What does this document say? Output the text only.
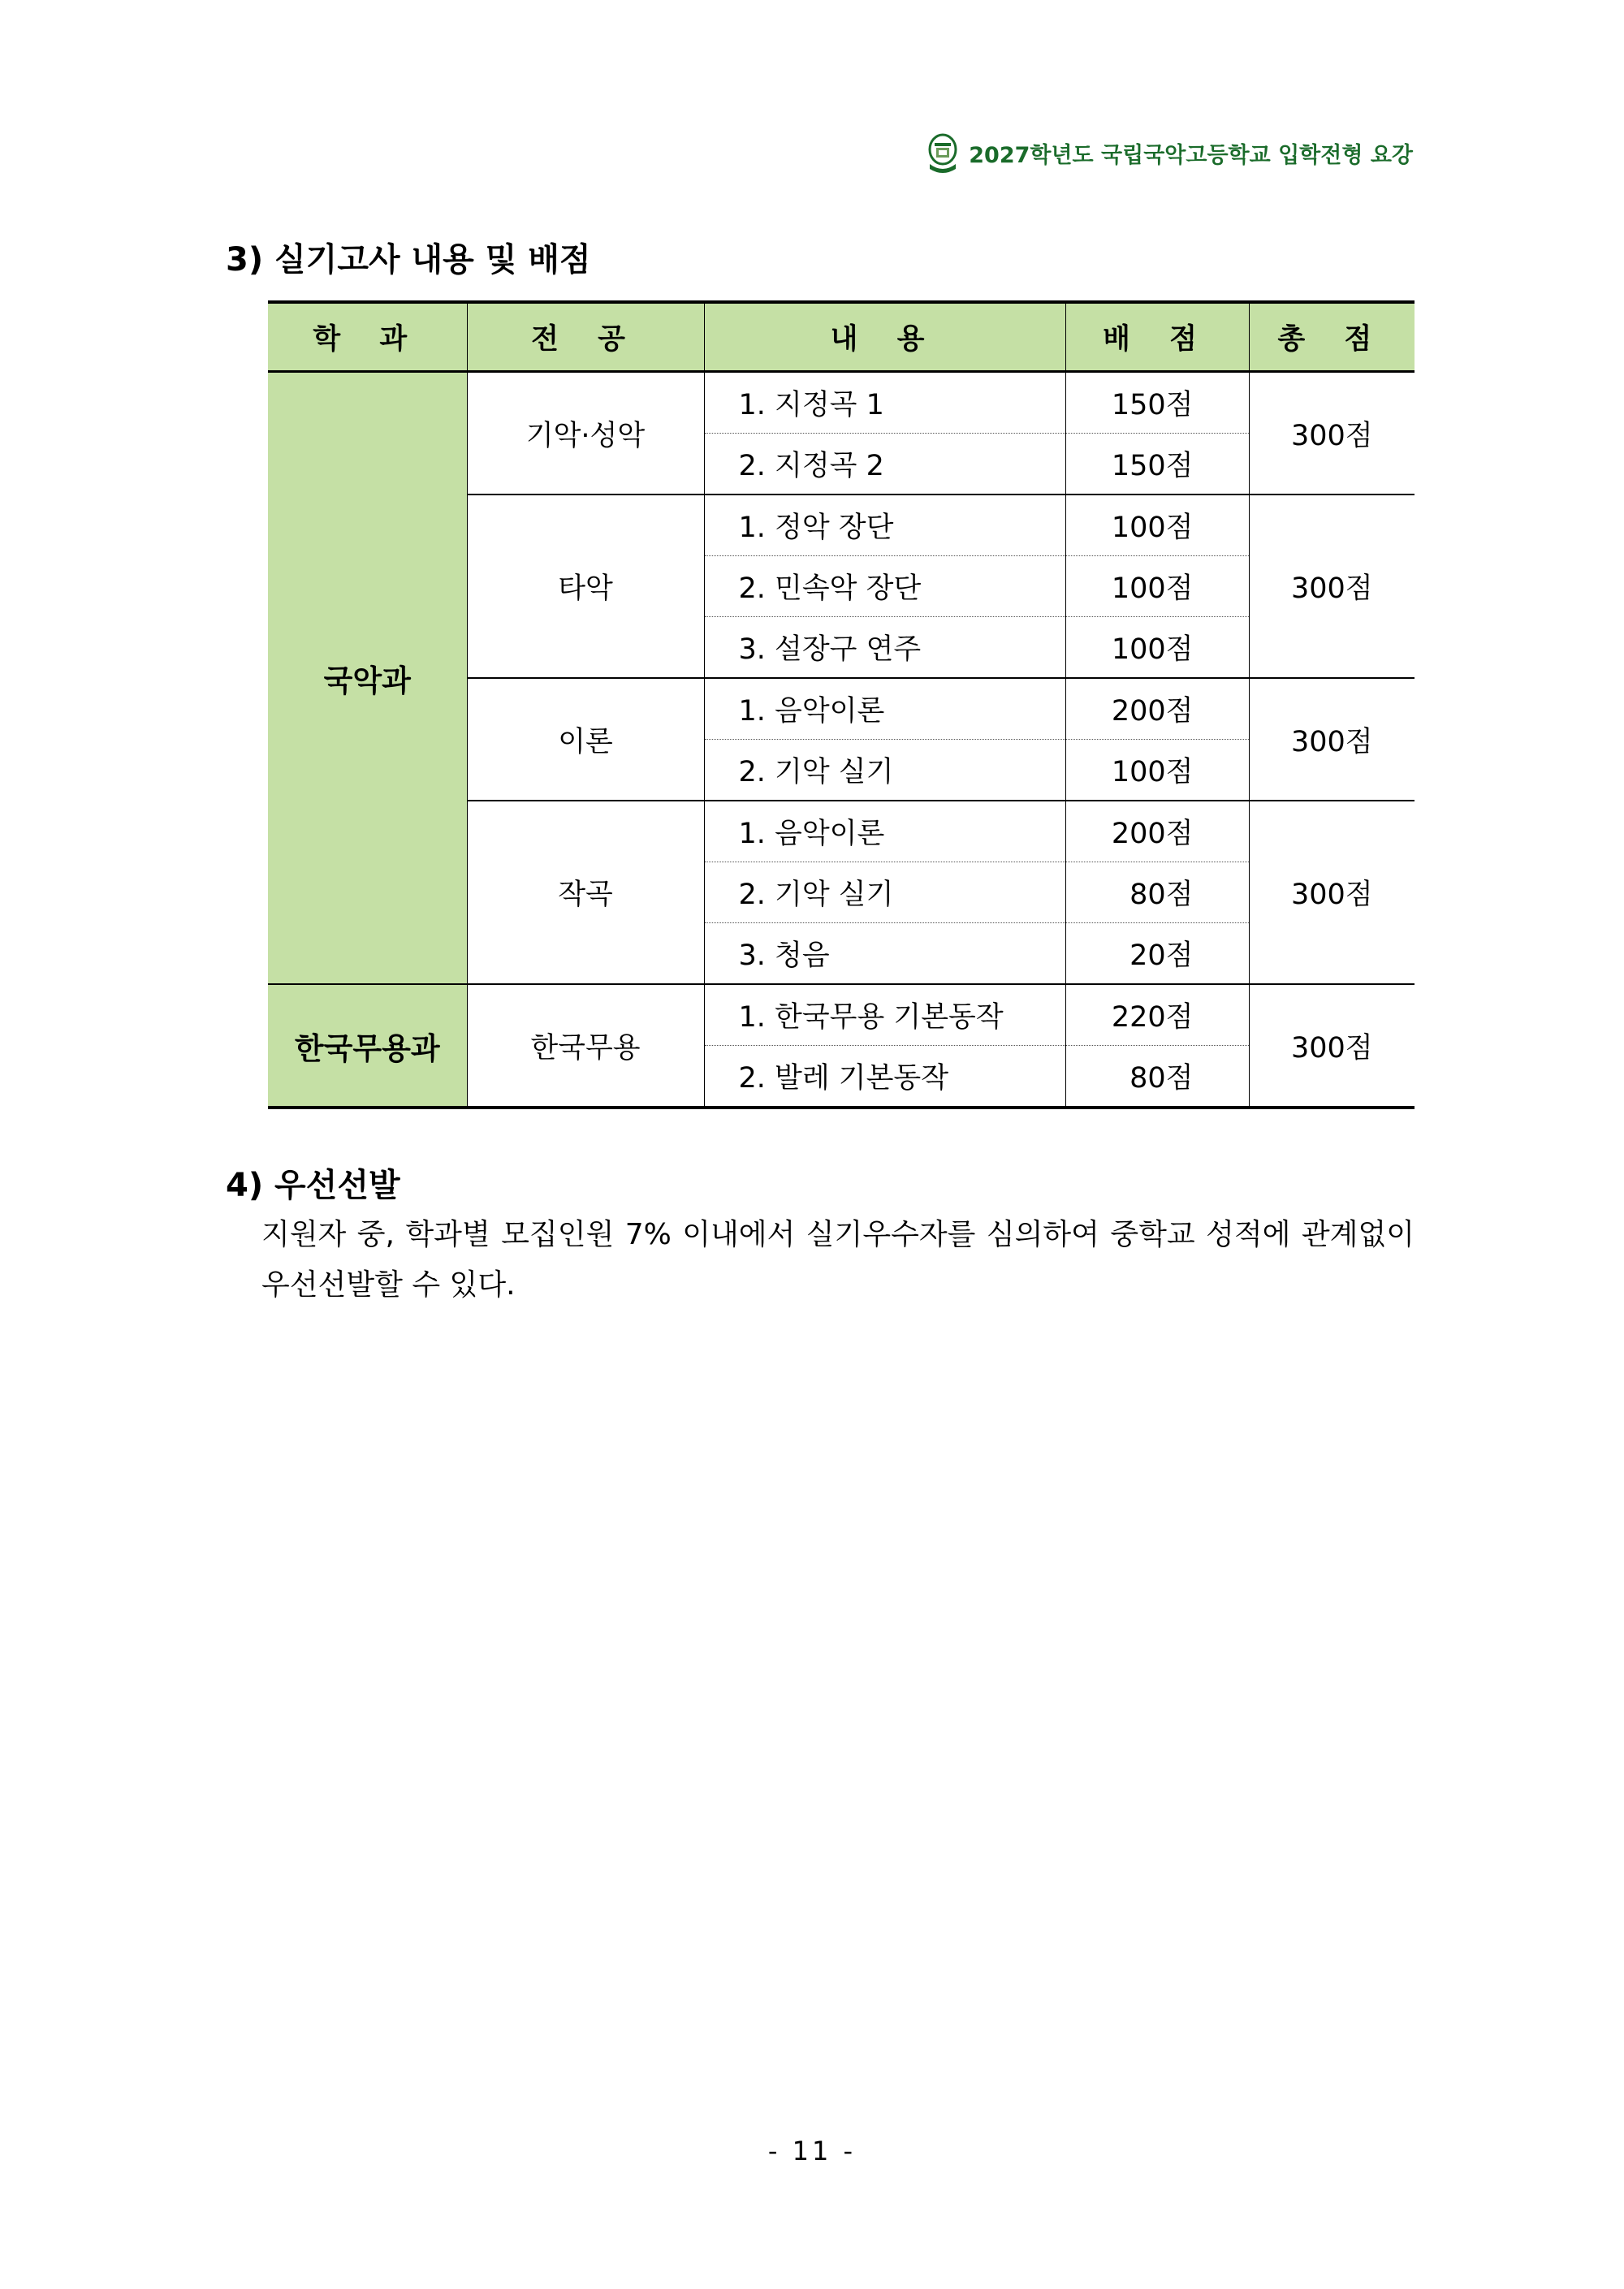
2027학년도 국립국악고등학교 입학전형 요강
3) 실기고사 내용 및 배점
학 과	전 공	내 용	배 점	총 점
국악과	기악·성악	1. 지정곡 1	150점	300점
		2. 지정곡 2	150점	
	타악	1. 정악 장단	100점	300점
		2. 민속악 장단	100점	
		3. 설장구 연주	100점	
	이론	1. 음악이론	200점	300점
		2. 기악 실기	100점	
	작곡	1. 음악이론	200점	300점
		2. 기악 실기	80점	
		3. 청음	20점	
한국무용과	한국무용	1. 한국무용 기본동작	220점	300점
		2. 발레 기본동작	80점	
4) 우선선발
지원자 중, 학과별 모집인원 7% 이내에서 실기우수자를 심의하여 중학교 성적에 관계없이 우선선발할 수 있다.
- 11 -
